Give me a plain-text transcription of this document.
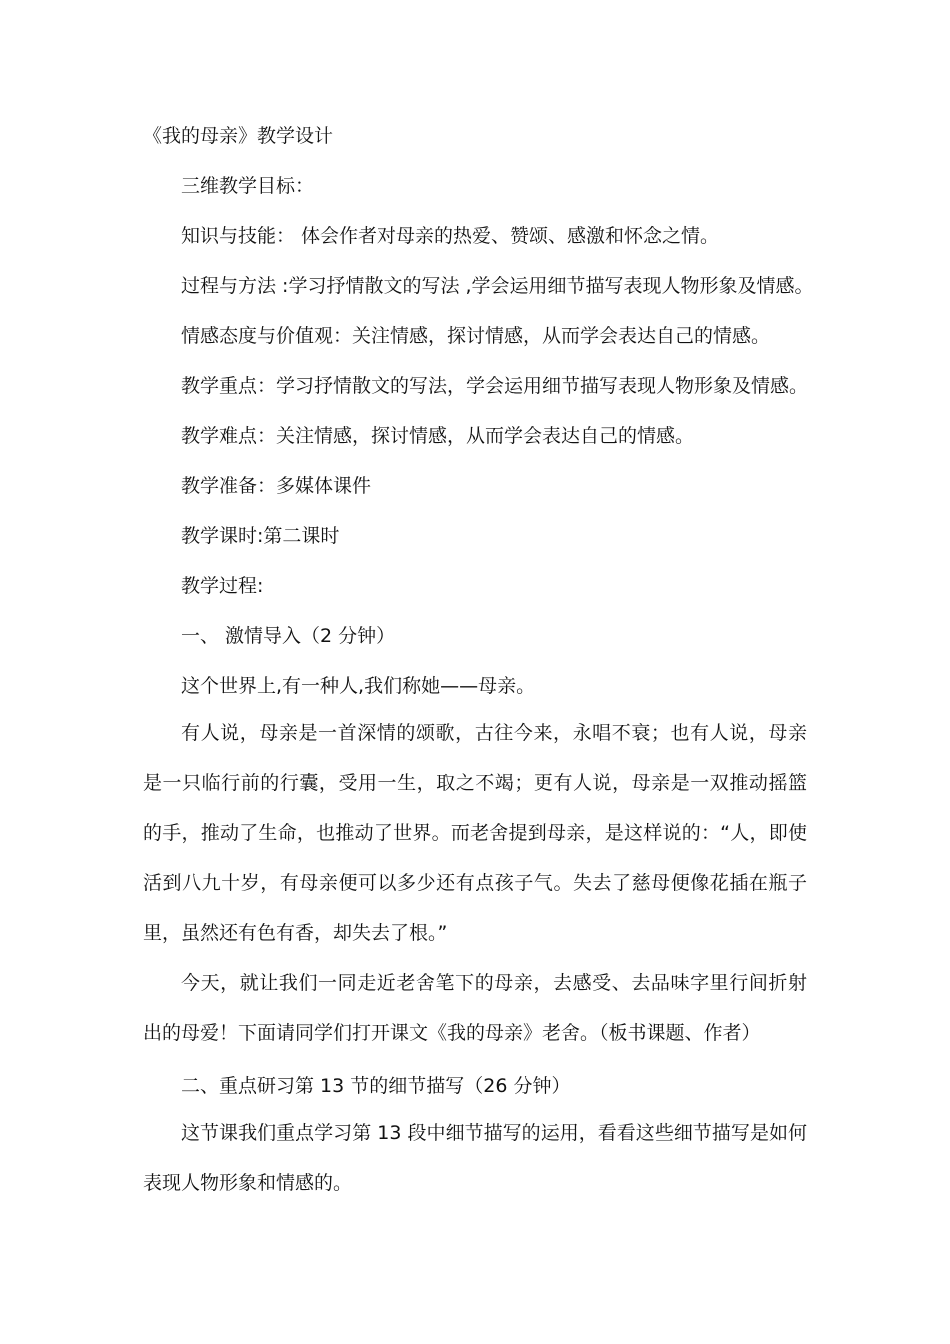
《我的母亲》教学设计

三维教学目标：

知识与技能： 体会作者对母亲的热爱、赞颂、感激和怀念之情。

过程与方法 :学习抒情散文的写法 ,学会运用细节描写表现人物形象及情感。

情感态度与价值观：关注情感，探讨情感，从而学会表达自己的情感。

教学重点：学习抒情散文的写法，学会运用细节描写表现人物形象及情感。

教学难点：关注情感，探讨情感，从而学会表达自己的情感。

教学准备：多媒体课件

教学课时:第二课时

教学过程:

一、 激情导入（2 分钟）

这个世界上,有一种人,我们称她——母亲。

有人说，母亲是一首深情的颂歌，古往今来，永唱不衰；也有人说，母亲是一只临行前的行囊，受用一生，取之不竭；更有人说，母亲是一双推动摇篮的手，推动了生命，也推动了世界。而老舍提到母亲，是这样说的：“人，即使活到八九十岁，有母亲便可以多少还有点孩子气。失去了慈母便像花插在瓶子里，虽然还有色有香，却失去了根。”

今天，就让我们一同走近老舍笔下的母亲，去感受、去品味字里行间折射出的母爱！下面请同学们打开课文《我的母亲》老舍。（板书课题、作者）

二、重点研习第 13 节的细节描写（26 分钟）

这节课我们重点学习第 13 段中细节描写的运用，看看这些细节描写是如何表现人物形象和情感的。
